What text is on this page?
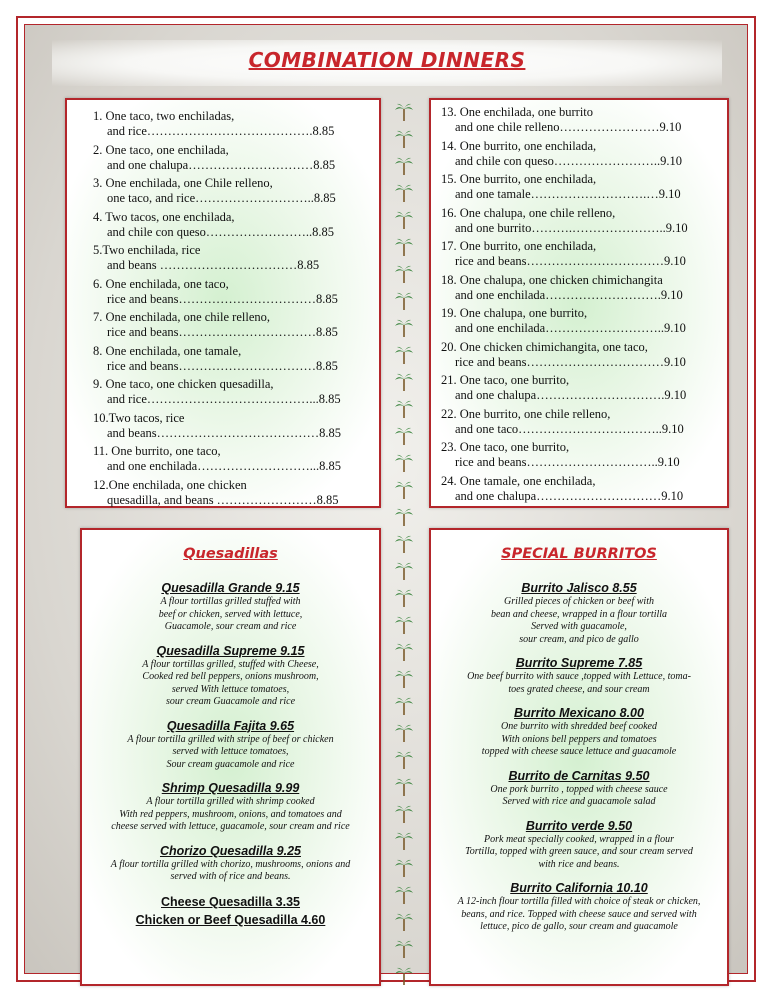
COMBINATION DINNERS
1. One taco, two enchiladas,
and rice………………………………….8.85
2. One taco, one enchilada,
and one chalupa…………………………8.85
3. One enchilada, one Chile relleno,
one taco, and rice………………………..8.85
4. Two tacos, one enchilada,
and chile con queso……………………..8.85
5.Two enchilada, rice
and beans ……………………………8.85
6. One enchilada, one taco,
rice and beans……………………………8.85
7. One enchilada, one chile relleno,
rice and beans……………………………8.85
8. One enchilada, one tamale,
rice and beans……………………………8.85
9. One taco, one chicken quesadilla,
and rice…………………………………...8.85
10.Two tacos, rice
and beans…………………………………8.85
11. One burrito, one taco,
and one enchilada………………………...8.85
12.One enchilada, one chicken
quesadilla, and beans ……………………8.85
13. One enchilada, one burrito
and one chile relleno……………………9.10
14. One burrito, one enchilada,
and chile con queso……………………..9.10
15. One burrito, one enchilada,
and one tamale……………………….…9.10
16. One chalupa, one chile relleno,
and one burrito……….…………………..9.10
17. One burrito, one enchilada,
rice and beans……………………………9.10
18. One chalupa, one chicken chimichangita
and one enchilada……………………….9.10
19. One chalupa, one burrito,
and one enchilada………………………..9.10
20. One chicken chimichangita, one taco,
rice and beans……………………………9.10
21. One taco, one burrito,
and one chalupa………………………….9.10
22. One burrito, one chile relleno,
and one taco……………………………..9.10
23. One taco, one burrito,
rice and beans…………………………..9.10
24. One tamale, one enchilada,
and one chalupa…………………………9.10
Quesadillas
Quesadilla Grande 9.15
A flour tortillas grilled stuffed with
beef or chicken, served with lettuce,
Guacamole, sour cream and rice
Quesadilla Supreme 9.15
A flour tortillas grilled, stuffed with Cheese,
Cooked red bell peppers, onions mushroom,
served With lettuce tomatoes,
sour cream Guacamole and rice
Quesadilla Fajita 9.65
A flour tortilla grilled with stripe of beef or chicken
served with lettuce tomatoes,
Sour cream guacamole and rice
Shrimp Quesadilla 9.99
A flour tortilla grilled with shrimp cooked
With red peppers, mushroom, onions, and tomatoes and
cheese served with lettuce, guacamole, sour cream and rice
Chorizo Quesadilla 9.25
A flour tortilla grilled with chorizo, mushrooms, onions and
served with of rice and beans.
Cheese Quesadilla 3.35
Chicken or Beef Quesadilla 4.60
SPECIAL BURRITOS
Burrito Jalisco 8.55
Grilled pieces of chicken or beef with
bean and cheese, wrapped in a flour tortilla
Served with guacamole,
sour cream, and pico de gallo
Burrito Supreme 7.85
One beef burrito with sauce ,topped with Lettuce, toma-
toes grated cheese, and sour cream
Burrito Mexicano 8.00
One burrito with shredded beef cooked
With onions bell peppers and tomatoes
topped with cheese sauce lettuce and guacamole
Burrito de Carnitas 9.50
One pork burrito , topped with cheese sauce
Served with rice and guacamole salad
Burrito verde 9.50
Pork meat specially cooked, wrapped in a flour
Tortilla, topped with green sauce, and sour cream served
with rice and beans.
Burrito California 10.10
A 12-inch flour tortilla filled with choice of steak or chicken,
beans, and rice. Topped with cheese sauce and served with
lettuce, pico de gallo, sour cream and guacamole
